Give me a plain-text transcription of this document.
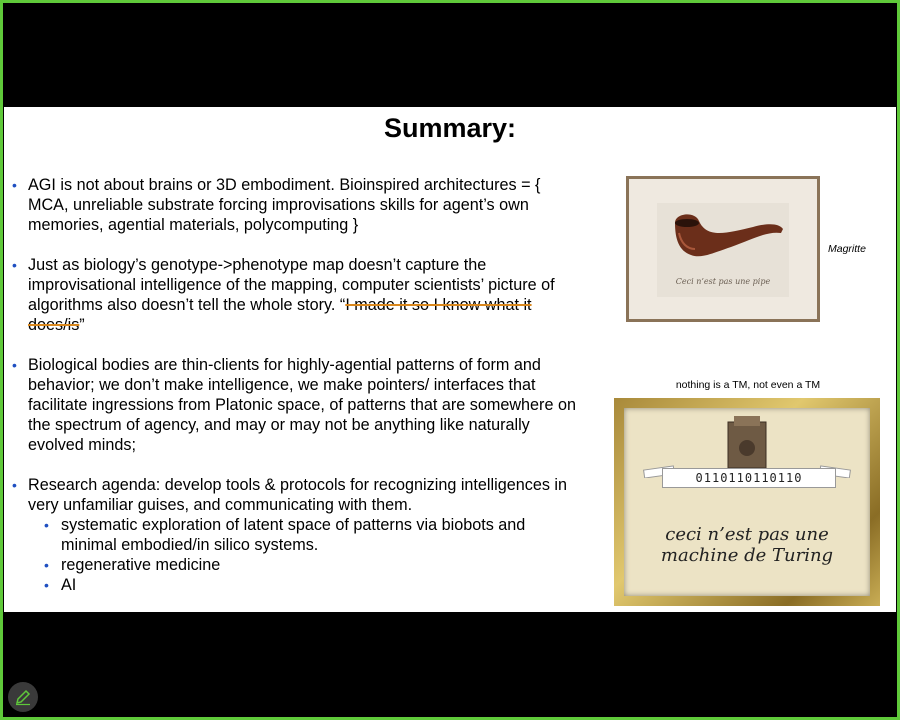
Summary:
• AGI is not about brains or 3D embodiment. Bioinspired architectures = { MCA, unreliable substrate forcing improvisations skills for agent’s own memories, agential materials, polycomputing }
• Just as biology’s genotype->phenotype map doesn’t capture the improvisational intelligence of the mapping, computer scientists’ picture of algorithms also doesn’t tell the whole story. “I made it so I know what it does/is”
• Biological bodies are thin-clients for highly-agential patterns of form and behavior; we don’t make intelligence, we make pointers/ interfaces that facilitate ingressions from Platonic space, of patterns that are somewhere on the spectrum of agency, and may or may not be anything like naturally evolved minds;
• Research agenda: develop tools & protocols for recognizing intelligences in very unfamiliar guises, and communicating with them.
• systematic exploration of latent space of patterns via biobots and minimal embodied/in silico systems.
• regenerative medicine
• AI
Ceci n’est pas une pipe
Magritte
nothing is a TM, not even a TM
0110110110110
ceci n’est pas une
machine de Turing
